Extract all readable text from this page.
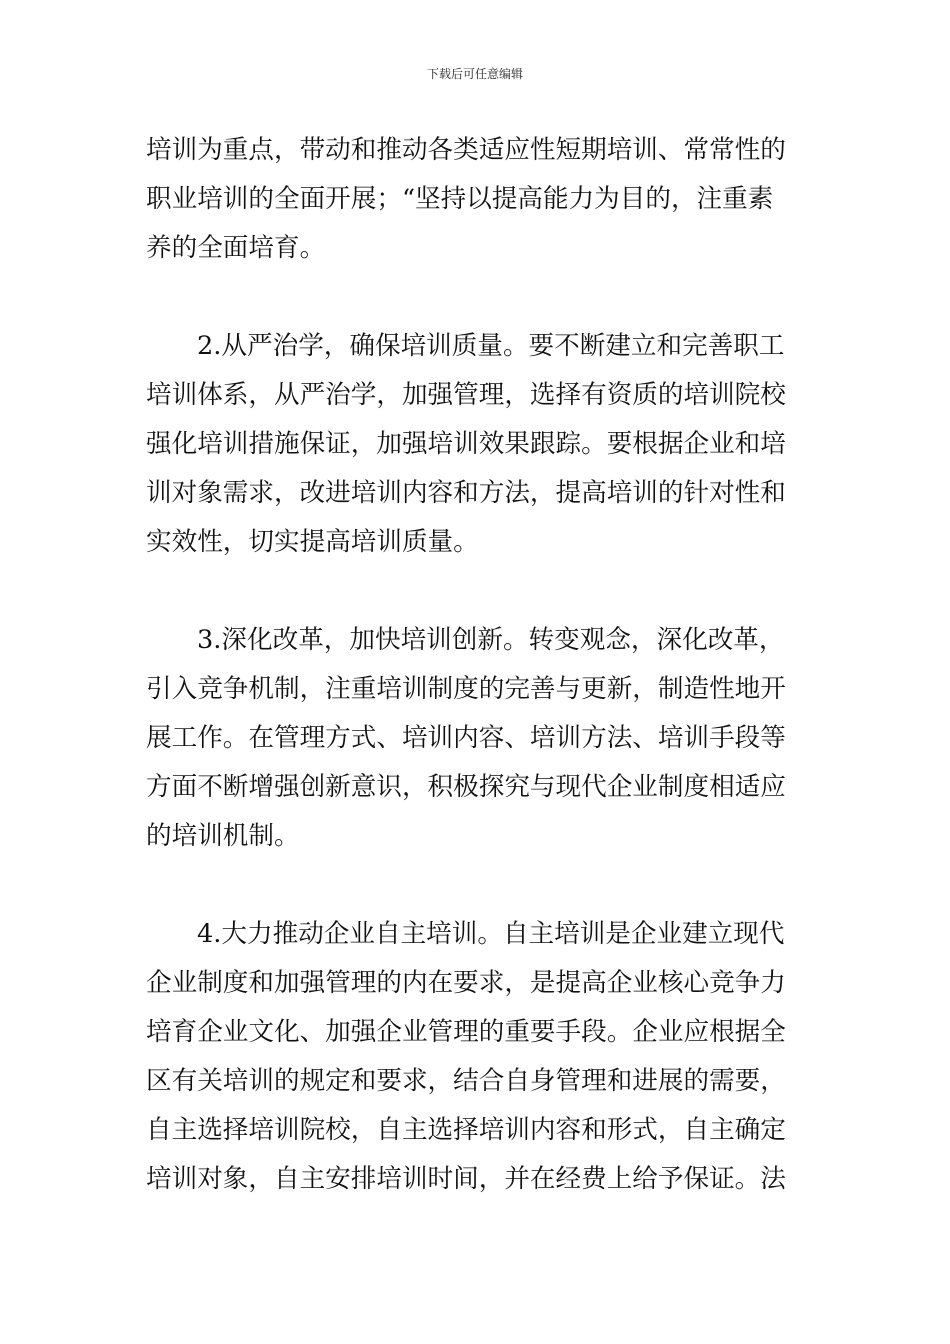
下载后可任意编辑
培训为重点，带动和推动各类适应性短期培训、常常性的
职业培训的全面开展；“坚持以提高能力为目的，注重素
养的全面培育。
2.从严治学，确保培训质量。要不断建立和完善职工
培训体系，从严治学，加强管理，选择有资质的培训院校
强化培训措施保证，加强培训效果跟踪。要根据企业和培
训对象需求，改进培训内容和方法，提高培训的针对性和
实效性，切实提高培训质量。
3.深化改革，加快培训创新。转变观念，深化改革，
引入竞争机制，注重培训制度的完善与更新，制造性地开
展工作。在管理方式、培训内容、培训方法、培训手段等
方面不断增强创新意识，积极探究与现代企业制度相适应
的培训机制。
4.大力推动企业自主培训。自主培训是企业建立现代
企业制度和加强管理的内在要求，是提高企业核心竞争力
培育企业文化、加强企业管理的重要手段。企业应根据全
区有关培训的规定和要求，结合自身管理和进展的需要，
自主选择培训院校，自主选择培训内容和形式，自主确定
培训对象，自主安排培训时间，并在经费上给予保证。法
